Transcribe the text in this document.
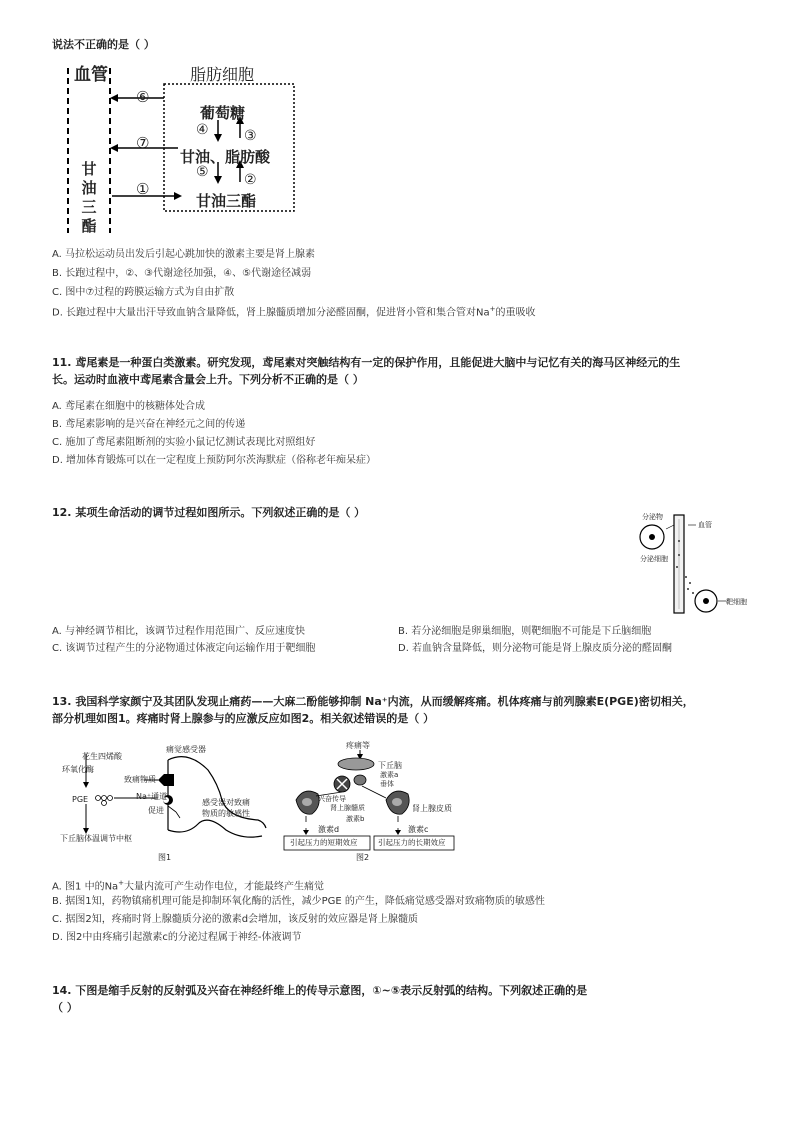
说法不正确的是（ ）
血管	脂肪细胞
葡萄糖
甘油、脂肪酸
甘油三酯
甘
油
三
酯
⑥
⑦
①
④	③
⑤	②
A. 马拉松运动员出发后引起心跳加快的激素主要是肾上腺素
B. 长跑过程中，②、③代谢途径加强，④、⑤代谢途径减弱
C. 图中⑦过程的跨膜运输方式为自由扩散
D. 长跑过程中大量出汗导致血钠含量降低，肾上腺髓质增加分泌醛固酮，促进肾小管和集合管对Na+的重吸收
11. 鸢尾素是一种蛋白类激素。研究发现，鸢尾素对突触结构有一定的保护作用，且能促进大脑中与记忆有关的海马区神经元的生
长。运动时血液中鸢尾素含量会上升。下列分析不正确的是（ ）
A. 鸢尾素在细胞中的核糖体处合成
B. 鸢尾素影响的是兴奋在神经元之间的传递
C. 施加了鸢尾素阻断剂的实验小鼠记忆测试表现比对照组好
D. 增加体育锻炼可以在一定程度上预防阿尔茨海默症（俗称老年痴呆症）
12. 某项生命活动的调节过程如图所示。下列叙述正确的是（ ）	分泌物
分泌细胞
血管
靶细胞
A. 与神经调节相比，该调节过程作用范围广、反应速度快	B. 若分泌细胞是卵巢细胞，则靶细胞不可能是下丘脑细胞
C. 该调节过程产生的分泌物通过体液定向运输作用于靶细胞	D. 若血钠含量降低，则分泌物可能是肾上腺皮质分泌的醛固酮
13. 我国科学家颜宁及其团队发现止痛药——大麻二酚能够抑制 Na⁺内流，从而缓解疼痛。机体疼痛与前列腺素E(PGE)密切相关，
部分机理如图1。疼痛时肾上腺参与的应激反应如图2。相关叙述错误的是（ ）
花生四烯酸
环氧化酶
PGE
下丘脑体温调节中枢
痛觉感受器
致痛物质
Na⁺通道
促进
感受器对致痛
物质的敏感性
图1
疼痛等
下丘脑
激素a
垂体
兴奋传导
肾上腺髓质	肾上腺皮质
激素b
激素d	激素c
引起压力的短期效应	引起压力的长期效应
图2
A. 图1 中的Na+大量内流可产生动作电位，才能最终产生痛觉
B. 据图1知，药物镇痛机理可能是抑制环氧化酶的活性，减少PGE 的产生，降低痛觉感受器对致痛物质的敏感性
C. 据图2知，疼痛时肾上腺髓质分泌的激素d会增加，该反射的效应器是肾上腺髓质
D. 图2中由疼痛引起激素c的分泌过程属于神经-体液调节
14. 下图是缩手反射的反射弧及兴奋在神经纤维上的传导示意图，①~⑤表示反射弧的结构。下列叙述正确的是
（ ）
